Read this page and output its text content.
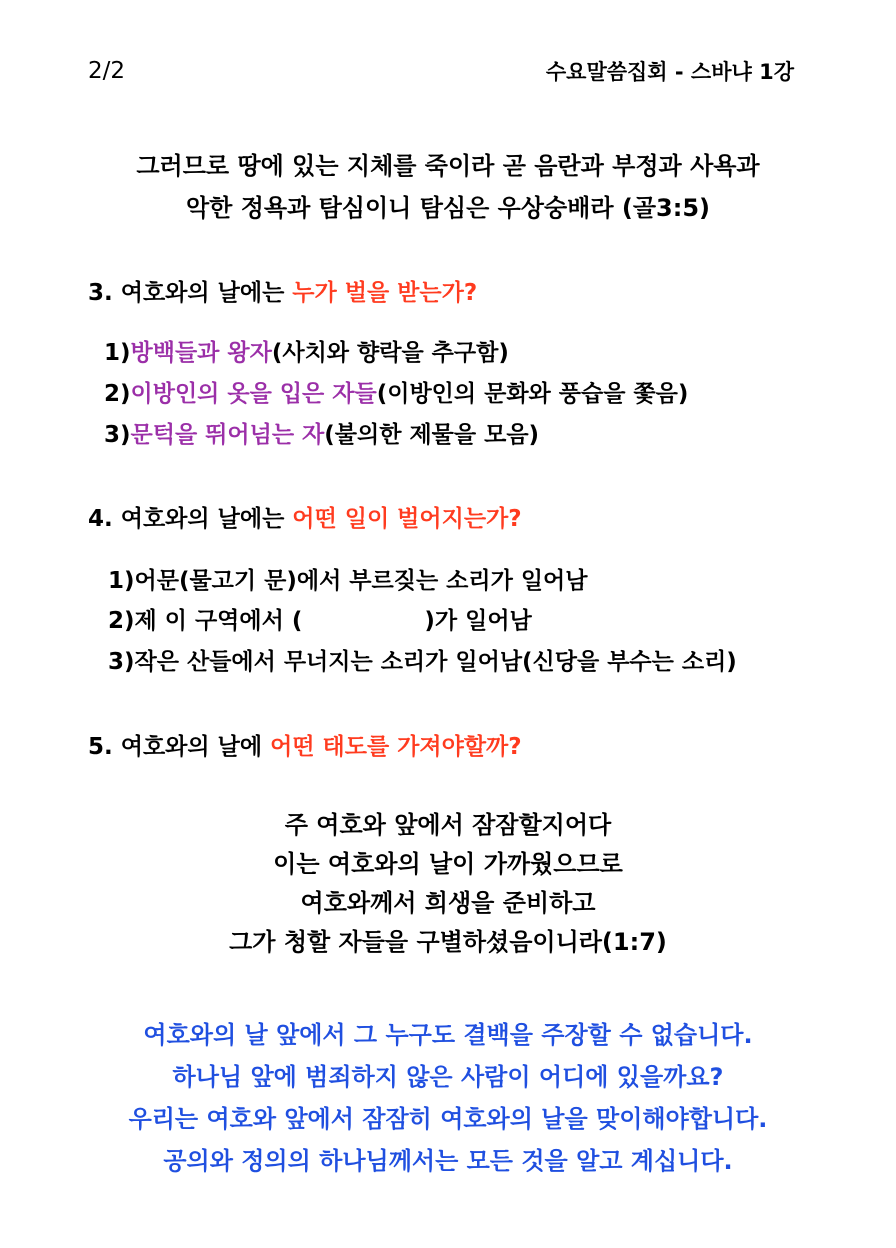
2/2	수요말씀집회 - 스바냐 1강
그러므로 땅에 있는 지체를 죽이라 곧 음란과 부정과 사욕과
악한 정욕과 탐심이니 탐심은 우상숭배라 (골3:5)
3. 여호와의 날에는 누가 벌을 받는가?
1)방백들과 왕자(사치와 향락을 추구함)
2)이방인의 옷을 입은 자들(이방인의 문화와 풍습을 쫓음)
3)문턱을 뛰어넘는 자(불의한 제물을 모음)
4. 여호와의 날에는 어떤 일이 벌어지는가?
1)어문(물고기 문)에서 부르짖는 소리가 일어남
2)제 이 구역에서 (	)가 일어남
3)작은 산들에서 무너지는 소리가 일어남(신당을 부수는 소리)
5. 여호와의 날에 어떤 태도를 가져야할까?
주 여호와 앞에서 잠잠할지어다
이는 여호와의 날이 가까웠으므로
여호와께서 희생을 준비하고
그가 청할 자들을 구별하셨음이니라(1:7)
여호와의 날 앞에서 그 누구도 결백을 주장할 수 없습니다.
하나님 앞에 범죄하지 않은 사람이 어디에 있을까요?
우리는 여호와 앞에서 잠잠히 여호와의 날을 맞이해야합니다.
공의와 정의의 하나님께서는 모든 것을 알고 계십니다.
